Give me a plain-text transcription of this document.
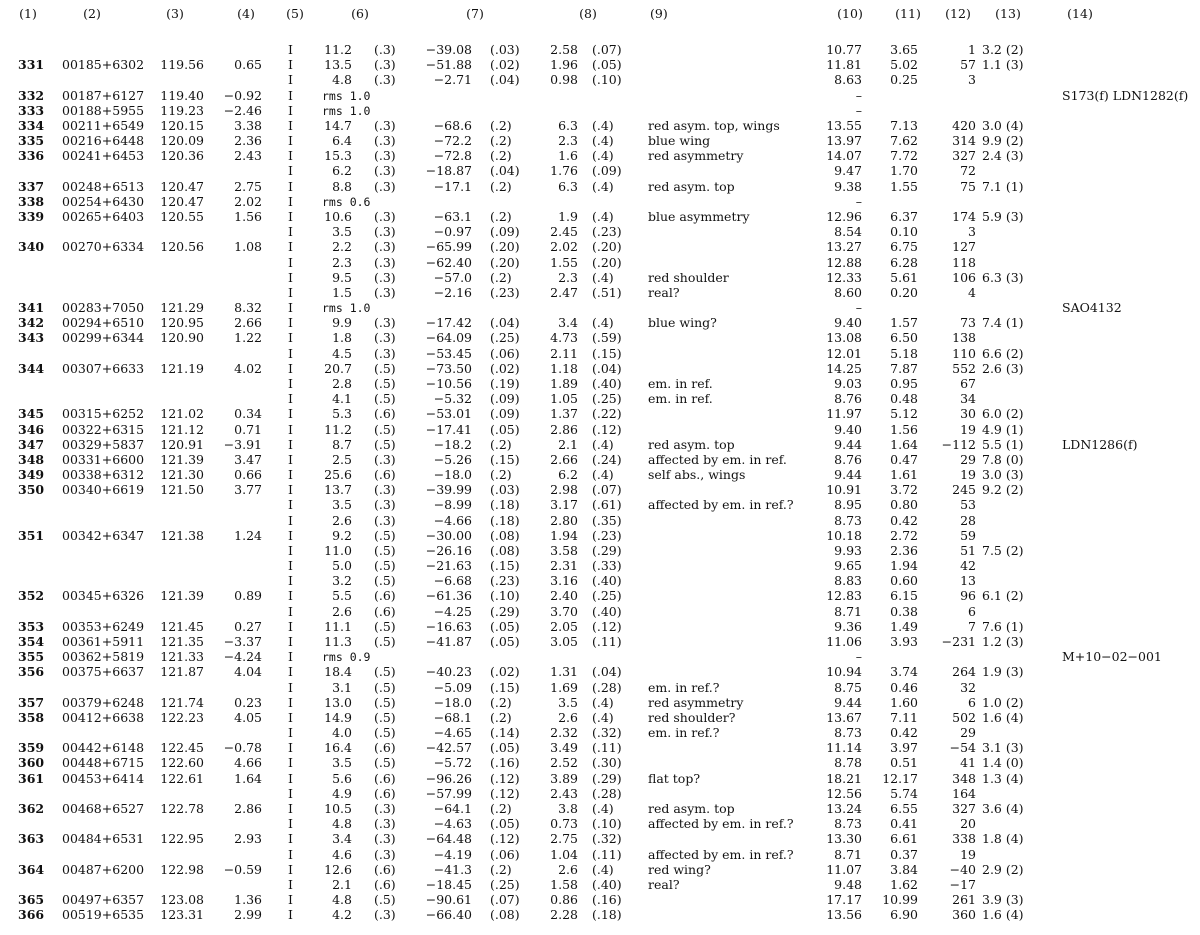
(1)	(2)	(3)	(4)	(5)	(6)	(7)	(8)	(9)	(10)	(11)	(12)	(13)	(14)
I	11.2 (.3)	−39.08 (.03)	2.58 (.07)	10.77	3.65	1 3.2 (2)
331	00185+6302	119.56	0.65 I	13.5 (.3)	−51.88 (.02)	1.96 (.05)	11.81	5.02	57 1.1 (3)
I	4.8 (.3)	−2.71 (.04)	0.98 (.10)	8.63	0.25	3
332	00187+6127	119.40	−0.92 I	rms 1.0	–	S173(f) LDN1282(f)
333	00188+5955	119.23	−2.46 I	rms 1.0	–
334	00211+6549	120.15	3.38 I	14.7 (.3)	−68.6 (.2)	6.3 (.4)	red asym. top, wings	13.55	7.13	420 3.0 (4)
335	00216+6448	120.09	2.36 I	6.4 (.3)	−72.2 (.2)	2.3 (.4)	blue wing	13.97	7.62	314 9.9 (2)
336	00241+6453	120.36	2.43 I	15.3 (.3)	−72.8 (.2)	1.6 (.4)	red asymmetry	14.07	7.72	327 2.4 (3)
I	6.2 (.3)	−18.87 (.04)	1.76 (.09)	9.47	1.70	72
337	00248+6513	120.47	2.75 I	8.8 (.3)	−17.1 (.2)	6.3 (.4)	red asym. top	9.38	1.55	75 7.1 (1)
338	00254+6430	120.47	2.02 I	rms 0.6	–
339	00265+6403	120.55	1.56 I	10.6 (.3)	−63.1 (.2)	1.9 (.4)	blue asymmetry	12.96	6.37	174 5.9 (3)
I	3.5 (.3)	−0.97 (.09)	2.45 (.23)	8.54	0.10	3
340	00270+6334	120.56	1.08 I	2.2 (.3)	−65.99 (.20)	2.02 (.20)	13.27	6.75	127
I	2.3 (.3)	−62.40 (.20)	1.55 (.20)	12.88	6.28	118
I	9.5 (.3)	−57.0 (.2)	2.3 (.4)	red shoulder	12.33	5.61	106 6.3 (3)
I	1.5 (.3)	−2.16 (.23)	2.47 (.51)	real?	8.60	0.20	4
341	00283+7050	121.29	8.32 I	rms 1.0	–	SAO4132
342	00294+6510	120.95	2.66 I	9.9 (.3)	−17.42 (.04)	3.4 (.4)	blue wing?	9.40	1.57	73 7.4 (1)
343	00299+6344	120.90	1.22 I	1.8 (.3)	−64.09 (.25)	4.73 (.59)	13.08	6.50	138
I	4.5 (.3)	−53.45 (.06)	2.11 (.15)	12.01	5.18	110 6.6 (2)
344	00307+6633	121.19	4.02 I	20.7 (.5)	−73.50 (.02)	1.18 (.04)	14.25	7.87	552 2.6 (3)
I	2.8 (.5)	−10.56 (.19)	1.89 (.40)	em. in ref.	9.03	0.95	67
I	4.1 (.5)	−5.32 (.09)	1.05 (.25)	em. in ref.	8.76	0.48	34
345	00315+6252	121.02	0.34 I	5.3 (.6)	−53.01 (.09)	1.37 (.22)	11.97	5.12	30 6.0 (2)
346	00322+6315	121.12	0.71 I	11.2 (.5)	−17.41 (.05)	2.86 (.12)	9.40	1.56	19 4.9 (1)
347	00329+5837	120.91	−3.91 I	8.7 (.5)	−18.2 (.2)	2.1 (.4)	red asym. top	9.44	1.64	−112 5.5 (1)	LDN1286(f)
348	00331+6600	121.39	3.47 I	2.5 (.3)	−5.26 (.15)	2.66 (.24)	affected by em. in ref.	8.76	0.47	29 7.8 (0)
349	00338+6312	121.30	0.66 I	25.6 (.6)	−18.0 (.2)	6.2 (.4)	self abs., wings	9.44	1.61	19 3.0 (3)
350	00340+6619	121.50	3.77 I	13.7 (.3)	−39.99 (.03)	2.98 (.07)	10.91	3.72	245 9.2 (2)
I	3.5 (.3)	−8.99 (.18)	3.17 (.61)	affected by em. in ref.?	8.95	0.80	53
I	2.6 (.3)	−4.66 (.18)	2.80 (.35)	8.73	0.42	28
351	00342+6347	121.38	1.24 I	9.2 (.5)	−30.00 (.08)	1.94 (.23)	10.18	2.72	59
I	11.0 (.5)	−26.16 (.08)	3.58 (.29)	9.93	2.36	51 7.5 (2)
I	5.0 (.5)	−21.63 (.15)	2.31 (.33)	9.65	1.94	42
I	3.2 (.5)	−6.68 (.23)	3.16 (.40)	8.83	0.60	13
352	00345+6326	121.39	0.89 I	5.5 (.6)	−61.36 (.10)	2.40 (.25)	12.83	6.15	96 6.1 (2)
I	2.6 (.6)	−4.25 (.29)	3.70 (.40)	8.71	0.38	6
353	00353+6249	121.45	0.27 I	11.1 (.5)	−16.63 (.05)	2.05 (.12)	9.36	1.49	7 7.6 (1)
354	00361+5911	121.35	−3.37 I	11.3 (.5)	−41.87 (.05)	3.05 (.11)	11.06	3.93	−231 1.2 (3)
355	00362+5819	121.33	−4.24 I	rms 0.9	–	M+10−02−001
356	00375+6637	121.87	4.04 I	18.4 (.5)	−40.23 (.02)	1.31 (.04)	10.94	3.74	264 1.9 (3)
I	3.1 (.5)	−5.09 (.15)	1.69 (.28)	em. in ref.?	8.75	0.46	32
357	00379+6248	121.74	0.23 I	13.0 (.5)	−18.0 (.2)	3.5 (.4)	red asymmetry	9.44	1.60	6 1.0 (2)
358	00412+6638	122.23	4.05 I	14.9 (.5)	−68.1 (.2)	2.6 (.4)	red shoulder?	13.67	7.11	502 1.6 (4)
I	4.0 (.5)	−4.65 (.14)	2.32 (.32)	em. in ref.?	8.73	0.42	29
359	00442+6148	122.45	−0.78 I	16.4 (.6)	−42.57 (.05)	3.49 (.11)	11.14	3.97	−54 3.1 (3)
360	00448+6715	122.60	4.66 I	3.5 (.5)	−5.72 (.16)	2.52 (.30)	8.78	0.51	41 1.4 (0)
361	00453+6414	122.61	1.64 I	5.6 (.6)	−96.26 (.12)	3.89 (.29)	flat top?	18.21	12.17	348 1.3 (4)
I	4.9 (.6)	−57.99 (.12)	2.43 (.28)	12.56	5.74	164
362	00468+6527	122.78	2.86 I	10.5 (.3)	−64.1 (.2)	3.8 (.4)	red asym. top	13.24	6.55	327 3.6 (4)
I	4.8 (.3)	−4.63 (.05)	0.73 (.10)	affected by em. in ref.?	8.73	0.41	20
363	00484+6531	122.95	2.93 I	3.4 (.3)	−64.48 (.12)	2.75 (.32)	13.30	6.61	338 1.8 (4)
I	4.6 (.3)	−4.19 (.06)	1.04 (.11)	affected by em. in ref.?	8.71	0.37	19
364	00487+6200	122.98	−0.59 I	12.6 (.6)	−41.3 (.2)	2.6 (.4)	red wing?	11.07	3.84	−40 2.9 (2)
I	2.1 (.6)	−18.45 (.25)	1.58 (.40)	real?	9.48	1.62	−17
365	00497+6357	123.08	1.36 I	4.8 (.5)	−90.61 (.07)	0.86 (.16)	17.17	10.99	261 3.9 (3)
366	00519+6535	123.31	2.99 I	4.2 (.3)	−66.40 (.08)	2.28 (.18)	13.56	6.90	360 1.6 (4)
